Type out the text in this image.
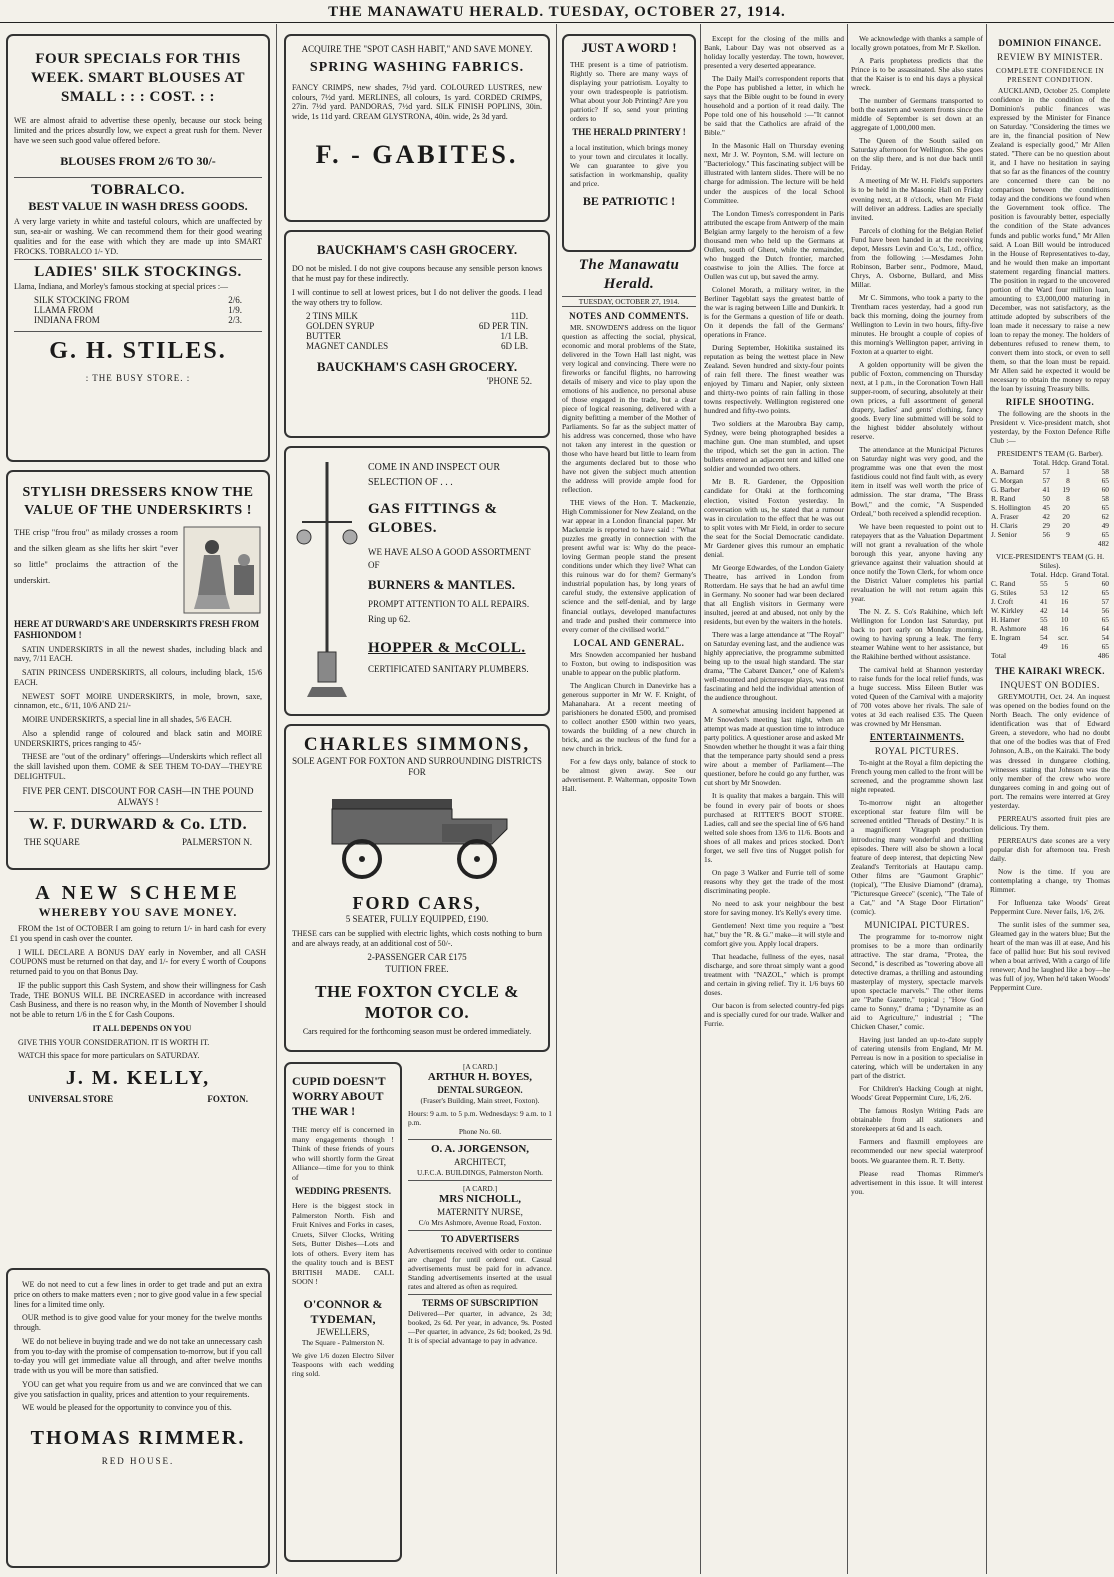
THE MANAWATU HERALD. TUESDAY, OCTOBER 27, 1914.
FOUR SPECIALS FOR THIS WEEK. SMART BLOUSES AT SMALL : : : COST. : :
WE are almost afraid to advertise these openly, because our stock being limited and the prices absurdly low, we expect a great rush for them. Never have we seen such good value offered before.
BLOUSES FROM 2/6 TO 30/-
TOBRALCO.
BEST VALUE IN WASH DRESS GOODS.
A very large variety in white and tasteful colours, which are unaffected by sun, sea-air or washing. We can recommend them for their good wearing qualities and for the ease with which they are made up into SMART FROCKS. TOBRALCO 1/- YD.
LADIES' SILK STOCKINGS.
Llama, Indiana, and Morley's famous stocking at special prices :—
SILK STOCKING FROM	2/6.
LLAMA FROM	1/9.
INDIANA FROM	2/3.
G. H. STILES.
: THE BUSY STORE. :
STYLISH DRESSERS KNOW THE VALUE OF THE UNDERSKIRTS !
THE crisp "frou frou" as milady crosses a room and the silken gleam as she lifts her skirt "ever so little" proclaims the attraction of the underskirt.
HERE AT DURWARD'S ARE UNDERSKIRTS FRESH FROM FASHIONDOM !

SATIN UNDERSKIRTS in all the newest shades, including black and navy, 7/11 EACH.

SATIN PRINCESS UNDERSKIRTS, all colours, including black, 15/6 EACH.

NEWEST SOFT MOIRE UNDERSKIRTS, in mole, brown, saxe, cinnamon, etc., 6/11, 10/6 AND 21/-

MOIRE UNDERSKIRTS, a special line in all shades, 5/6 EACH.

Also a splendid range of coloured and black satin and MOIRE UNDERSKIRTS, prices ranging to 45/-

THESE are "out of the ordinary" offerings—Underskirts which reflect all the skill lavished upon them. COME & SEE THEM TO-DAY—THEY'RE DELIGHTFUL.

FIVE PER CENT. DISCOUNT FOR CASH—IN THE POUND ALWAYS !
W. F. DURWARD & Co. LTD.
THE SQUARE	PALMERSTON N.
A NEW SCHEME
WHEREBY YOU SAVE MONEY.

FROM the 1st of OCTOBER I am going to return 1/- in hard cash for every £1 you spend in cash over the counter.

I WILL DECLARE A BONUS DAY early in November, and all CASH COUPONS must be returned on that day, and 1/- for every £ worth of Coupons returned paid to you on that Bonus Day.

IF the public support this Cash System, and show their willingness for Cash Trade, THE BONUS WILL BE INCREASED in accordance with increased Cash Business, and there is no reason why, in the Month of November I should not be able to return 1/6 in the £ for Cash Coupons.

IT ALL DEPENDS ON YOU

GIVE THIS YOUR CONSIDERATION. IT IS WORTH IT.

WATCH this space for more particulars on SATURDAY.

J. M. KELLY,
UNIVERSAL STORE	FOXTON.

WE do not need to cut a few lines in order to get trade and put an extra price on others to make matters even ; nor to give good value in a few special lines for a limited time only.

OUR method is to give good value for your money for the twelve months through.

WE do not believe in buying trade and we do not take an unnecessary cash from you to-day with the promise of compensation to-morrow, but if you call to-day you will get immediate value all through, and after twelve months trade with us you will be more than satisfied.

YOU can get what you require from us and we are convinced that we can give you satisfaction in quality, prices and attention to your requirements.

WE would be pleased for the opportunity to convince you of this.

THOMAS RIMMER.
RED HOUSE.
ACQUIRE THE "SPOT CASH HABIT," AND SAVE MONEY.
SPRING WASHING FABRICS.
FANCY CRIMPS, new shades, 7½d yard. COLOURED LUSTRES, new colours, 7½d yard. MERLINES, all colours, 1s yard. CORDED CRIMPS, 27in. 7½d yard. PANDORAS, 7½d yard. SILK FINISH POPLINS, 30in. wide, 1s 11d yard. CREAM GLYSTRONA, 40in. wide, 2s 3d yard.
F. - GABITES.
BAUCKHAM'S CASH GROCERY.
DO not be misled. I do not give coupons because any sensible person knows that he must pay for these indirectly.
I will continue to sell at lowest prices, but I do not deliver the goods. I lead the way others try to follow.
2 TINS MILK	11D.
GOLDEN SYRUP	6D PER TIN.
BUTTER	1/1 LB.
MAGNET CANDLES	6D LB.
BAUCKHAM'S CASH GROCERY.
'PHONE 52.
COME IN AND INSPECT OUR SELECTION OF . . .
GAS FITTINGS & GLOBES.
WE HAVE ALSO A GOOD ASSORTMENT OF
BURNERS & MANTLES.
PROMPT ATTENTION TO ALL REPAIRS.
Ring up 62.
HOPPER & McCOLL.
CERTIFICATED SANITARY PLUMBERS.
CHARLES SIMMONS,
SOLE AGENT FOR FOXTON AND SURROUNDING DISTRICTS FOR
FORD CARS,
5 SEATER, FULLY EQUIPPED, £190.
THESE cars can be supplied with electric lights, which costs nothing to burn and are always ready, at an additional cost of 50/-.
2-PASSENGER CAR £175
TUITION FREE.
THE FOXTON CYCLE & MOTOR CO.
Cars required for the forthcoming season must be ordered immediately.
CUPID DOESN'T WORRY ABOUT THE WAR !
THE mercy elf is concerned in many engagements though ! Think of these friends of yours who will shortly form the Great Alliance—time for you to think of
WEDDING PRESENTS.
Here is the biggest stock in Palmerston North. Fish and Fruit Knives and Forks in cases, Cruets, Silver Clocks, Writing Sets, Butter Dishes—Lots and lots of others. Every item has the quality touch and is BEST BRITISH MADE. CALL SOON !
O'CONNOR & TYDEMAN,
JEWELLERS,
The Square - Palmerston N.
We give 1/6 dozen Electro Silver Teaspoons with each wedding ring sold.
[A CARD.]
ARTHUR H. BOYES,
DENTAL SURGEON.
(Fraser's Building, Main street, Foxton).
Hours: 9 a.m. to 5 p.m. Wednesdays: 9 a.m. to 1 p.m.
Phone No. 60.
O. A. JORGENSON,
ARCHITECT,
U.F.C.A. BUILDINGS, Palmerston North.
[A CARD.]
MRS NICHOLL,
MATERNITY NURSE,
C/o Mrs Ashmore, Avenue Road, Foxton.
TO ADVERTISERS
Advertisements received with order to continue are charged for until ordered out. Casual advertisements must be paid for in advance. Standing advertisements inserted at the usual rates and altered as often as required.
TERMS OF SUBSCRIPTION
Delivered—Per quarter, in advance, 2s 3d; booked, 2s 6d. Per year, in advance, 9s. Posted—Per quarter, in advance, 2s 6d; booked, 2s 9d. It is of special advantage to pay in advance.
JUST A WORD !
THE present is a time of patriotism. Rightly so. There are many ways of displaying your patriotism. Loyalty to your own tradespeople is patriotism. What about your Job Printing? Are you patriotic? If so, send your printing orders to
THE HERALD PRINTERY !
a local institution, which brings money to your town and circulates it locally. We can guarantee to give you satisfaction in workmanship, quality and price.
BE PATRIOTIC !
The Manawatu Herald.
TUESDAY, OCTOBER 27, 1914.
NOTES AND COMMENTS.

MR. SNOWDEN'S address on the liquor question as affecting the social, physical, economic and moral problems of the State, delivered in the Town Hall last night, was very logical and convincing. There were no fireworks or fanciful flights, no harrowing details of misery and vice to play upon the emotions of his audience, no personal abuse of those engaged in the trade, but a clear piece of logical reasoning, delivered with a dignity befitting a member of the Mother of Parliaments. So far as the subject matter of his address was concerned, those who have not taken any interest in the question or those who have heard but little to learn from the arguments declared but to those who have not given the subject much attention the address will provide ample food for reflection.

THE views of the Hon. T. Mackenzie, High Commissioner for New Zealand, on the war appear in a London financial paper. Mr Mackenzie is reported to have said : "What puzzles me greatly in connection with the present awful war is: Why do the peace-loving German people stand the present conditions under which they live? What can this ruinous war do for them? Germany's industrial population has, by long years of careful study, the extensive application of science and the self-denial, and by large financial outlays, developed manufactures and trade and pushed their commerce into every corner of the civilised world."

LOCAL AND GENERAL.

Mrs Snowden accompanied her husband to Foxton, but owing to indisposition was unable to appear on the public platform.

The Anglican Church in Danevirke has a generous supporter in Mr W. F. Knight, of Mahanahara. At a recent meeting of parishioners he donated £500, and promised to collect another £500 within two years, towards the building of a new church in brick, and as the nucleus of the fund for a new church in brick.

For a few days only, balance of stock to be almost given away. See our advertisement. P. Walterman, opposite Town Hall.

Except for the closing of the mills and Bank, Labour Day was not observed as a holiday locally yesterday. The town, however, presented a very deserted appearance.

The Daily Mail's correspondent reports that the Pope has published a letter, in which he says that the Bible ought to be found in every household and a portion of it read daily. The Pope told one of his household :—"It cannot be said that the Catholics are afraid of the Bible."

In the Masonic Hall on Thursday evening next, Mr J. W. Poynton, S.M. will lecture on "Bacteriology." This fascinating subject will be illustrated with lantern slides. There will be no charge for admission. The lecture will be held under the auspices of the local School Committee.

The London Times's correspondent in Paris attributed the escape from Antwerp of the main Belgian army largely to the heroism of a few thousand men who held up the Germans at Oullen, south of Ghent, while the remainder, who hugged the Dutch frontier, marched coastwise to join the Allies. The force at Oullen was cut up, but saved the army.

Colonel Morath, a military writer, in the Berliner Tageblatt says the greatest battle of the war is raging between Lille and Dunkirk. It is for the Germans a question of life or death. On it depends the fall of the Germans' operations in France.

During September, Hokitika sustained its reputation as being the wettest place in New Zealand. Seven hundred and sixty-four points of rain fell there. The finest weather was enjoyed by Timaru and Napier, only sixteen and thirty-two points of rain falling in those towns respectively. Wellington registered one hundred and fifty-two points.

Two soldiers at the Maroubra Bay camp, Sydney, were being photographed besides a machine gun. One man stumbled, and upset the tripod, which set the gun in action. The bullets entered an adjacent tent and killed one soldier and wounded two others.

Mr B. R. Gardener, the Opposition candidate for Otaki at the forthcoming election, visited Foxton yesterday. In conversation with us, he stated that a rumour was in circulation to the effect that he was out to split votes with Mr Field, in order to secure the seat for the Social Democratic candidate. Mr Gardener gives this rumour an emphatic denial.

Mr George Edwardes, of the London Gaiety Theatre, has arrived in London from Rotterdam. He says that he had an awful time in Germany. No sooner had war been declared that all English visitors in Germany were insulted, jeered at and abused, not only by the residents, but even by the waiters in the hotels.

There was a large attendance at "The Royal" on Saturday evening last, and the audience was highly appreciative, the programme submitted being up to the usual high standard. The star drama, "The Cabaret Dancer," one of Kalem's well-mounted and picturesque plays, was most fascinating and held the individual attention of the audience throughout.

A somewhat amusing incident happened at Mr Snowden's meeting last night, when an attempt was made at question time to introduce party politics. A questioner arose and asked Mr Snowden whether he thought it was a fair thing that the temperance party should send a press wire about a member of Parliament—The questioner, before he could go any further, was cut short by Mr Snowden.

It is quality that makes a bargain. This will be found in every pair of boots or shoes purchased at RITTER'S BOOT STORE. Ladies, call and see the special line of 6/6 hand welted sole shoes from 13/6 to 11/6. Boots and shoes of all makes and prices stocked. Don't forget, we sell five tins of Nugget polish for 1s.

On page 3 Walker and Furrie tell of some reasons why they get the trade of the most discriminating people.

No need to ask your neighbour the best store for saving money. It's Kelly's every time.

Gentlemen! Next time you require a "best hat," buy the "R. & G." make—it will style and comfort give you. Apply local drapers.

That headache, fullness of the eyes, nasal discharge, and sore throat simply want a good treatment with "NAZOL," which is prompt and certain in giving relief. Try it. 1/6 buys 60 doses.

Our bacon is from selected country-fed pigs and is specially cured for our trade. Walker and Furrie.

We acknowledge with thanks a sample of locally grown potatoes, from Mr P. Skellon.

A Paris prophetess predicts that the Prince is to be assassinated. She also states that the Kaiser is to end his days a physical wreck.

The number of Germans transported to both the eastern and western fronts since the middle of September is set down at an aggregate of 1,000,000 men.

The Queen of the South sailed on Saturday afternoon for Wellington. She goes on the slip there, and is not due back until Friday.

A meeting of Mr W. H. Field's supporters is to be held in the Masonic Hall on Friday evening next, at 8 o'clock, when Mr Field will deliver an address. Ladies are specially invited.

Parcels of clothing for the Belgian Relief Fund have been handed in at the receiving depot, Messrs Levin and Co.'s, Ltd., office, from the following :—Mesdames John Robinson, Barber senr., Podmore, Maud, Chrys, A. Osborne, Bullard, and Miss Millar.

Mr C. Simmons, who took a party to the Trentham races yesterday, had a good run back this morning, doing the journey from Wellington to Levin in two hours, fifty-five minutes. He brought a couple of copies of this morning's Wellington paper, arriving in Foxton at a quarter to eight.

A golden opportunity will be given the public of Foxton, commencing on Thursday next, at 1 p.m., in the Coronation Town Hall supper-room, of securing, absolutely at their own prices, a full assortment of general drapery, ladies' and gents' clothing, fancy goods. Every line submitted will be sold to the highest bidder absolutely without reserve.

The attendance at the Municipal Pictures on Saturday night was very good, and the programme was one that even the most fastidious could not find fault with, as every item in itself was well worth the price of admission. The star drama, "The Brass Bowl," and the comic, "A Suspended Ordeal," both received a splendid reception.

We have been requested to point out to ratepayers that as the Valuation Department will not grant a revaluation of the whole borough this year, anyone having any grievance against their valuation should at once notify the Town Clerk, for whom once the District Valuer completes his partial revaluation he will not return again this year.

The N. Z. S. Co's Rakihine, which left Wellington for London last Saturday, put back to port early on Monday morning, owing to having sprung a leak. The ferry steamer Wahine went to her assistance, but the Rakihine berthed without assistance.

The carnival held at Shannon yesterday to raise funds for the local relief funds, was a huge success. Miss Eileen Butler was voted Queen of the Carnival with a majority of 700 votes above her rivals. The sale of votes at 3d each realised £35. The Queen was crowned by Mr Hensman.

ENTERTAINMENTS.
ROYAL PICTURES.

To-night at the Royal a film depicting the French young men called to the front will be screened, and the programme shown last night repeated.

To-morrow night an altogether exceptional star feature film will be screened entitled "Threads of Destiny." It is a magnificent Vitagraph production introducing many wonderful and thrilling episodes. There will also be shown a local feature of deep interest, that depicting New Zealand's Territorials at Hautapu camp. Other films are "Gaumont Graphic" (topical), "The Elusive Diamond" (drama), "Picturesque Greece" (scenic), "The Tale of a Cat," and "A Stage Door Flirtation" (comic).

MUNICIPAL PICTURES.

The programme for to-morrow night promises to be a more than ordinarily attractive. The star drama, "Protea, the Second," is described as "towering above all detective dramas, a thrilling and astounding masterplay of mystery, spectacle marvels upon spectacle marvels." The other items are "Pathe Gazette," topical ; "How God came to Sonny," drama ; "Dynamite as an aid to Agriculture," industrial ; "The Chicken Chaser," comic.

Having just landed an up-to-date supply of catering utensils from England, Mr M. Perreau is now in a position to specialise in catering, which will be undertaken in any part of the district.

For Children's Hacking Cough at night, Woods' Great Peppermint Cure, 1/6, 2/6.

The famous Roslyn Writing Pads are obtainable from all stationers and storekeepers at 6d and 1s each.

Farmers and flaxmill employees are recommended our new special waterproof boots. We guarantee them. R. T. Betty.

Please read Thomas Rimmer's advertisement in this issue. It will interest you.

DOMINION FINANCE.
REVIEW BY MINISTER.
COMPLETE CONFIDENCE IN PRESENT CONDITION.

AUCKLAND, October 25. Complete confidence in the condition of the Dominion's public finances was expressed by the Minister for Finance on Saturday. "Considering the times we are in, the financial position of New Zealand is especially good," Mr Allen stated. "There can be no question about it, and I have no hesitation in saying that so far as the finances of the country are concerned there can be no comparison between the conditions today and the conditions we found when the Government took office. The position is favourably better, especially the condition of the State advances funds and public works fund," Mr Allen said. A Loan Bill would be introduced in the House of Representatives to-day, and he would then make an important statement regarding financial matters. The position in regard to the uncovered portion of the Ward four million loan, amounting to £3,000,000 maturing in December, was not satisfactory, as the attitude adopted by subscribers of the loan made it necessary to raise a new loan to repay the money. The holders of debentures refused to renew them, to convert them into stock, or even to sell them, so that the loan must be repaid. Mr Allen said he expected it would be necessary to obtain the money to repay the loan by issuing Treasury bills.

RIFLE SHOOTING.

The following are the shoots in the President v. Vice-president match, shot yesterday, by the Foxton Defence Rifle Club :—

PRESIDENT'S TEAM (G. Barber).
	Total.	Hdcp.	Grand Total.
A. Barnard	57	1	58
C. Morgan	57	8	65
G. Barber	41	19	60
R. Rand	50	8	58
S. Hollington	45	20	65
A. Fraser	42	20	62
H. Claris	29	20	49
J. Senior	56	9	65
			482
VICE-PRESIDENT'S TEAM (G. H. Stiles).
	Total.	Hdcp.	Grand Total.
C. Rand	55	5	60
G. Stiles	53	12	65
J. Croft	41	16	57
W. Kirkley	42	14	56
H. Hamer	55	10	65
R. Ashmore	48	16	64
E. Ingram	54	scr.	54
	49	16	65
Total			486
THE KAIRAKI WRECK.
INQUEST ON BODIES.

GREYMOUTH, Oct. 24. An inquest was opened on the bodies found on the North Beach. The only evidence of identification was that of Edward Green, a stevedore, who had no doubt that one of the bodies was that of Fred Johnson, A.B., on the Kairaki. The body was dressed in dungaree clothing, witnesses stating that Johnson was the only member of the crew who wore dungarees coming in and going out of port. The remains were interred at Grey yesterday.

PERREAU'S assorted fruit pies are delicious. Try them.

PERREAU'S date scones are a very popular dish for afternoon tea. Fresh daily.

Now is the time. If you are contemplating a change, try Thomas Rimmer.

For Influenza take Woods' Great Peppermint Cure. Never fails, 1/6, 2/6.

The sunlit isles of the summer sea, Gleamed gay in the waters blue; But the heart of the man was ill at ease, And his face of pallid hue: But his soul revived when a boat arrived, With a cargo of life renewer; And he laughed like a boy—he was full of joy, When he'd taken Woods' Peppermint Cure.
